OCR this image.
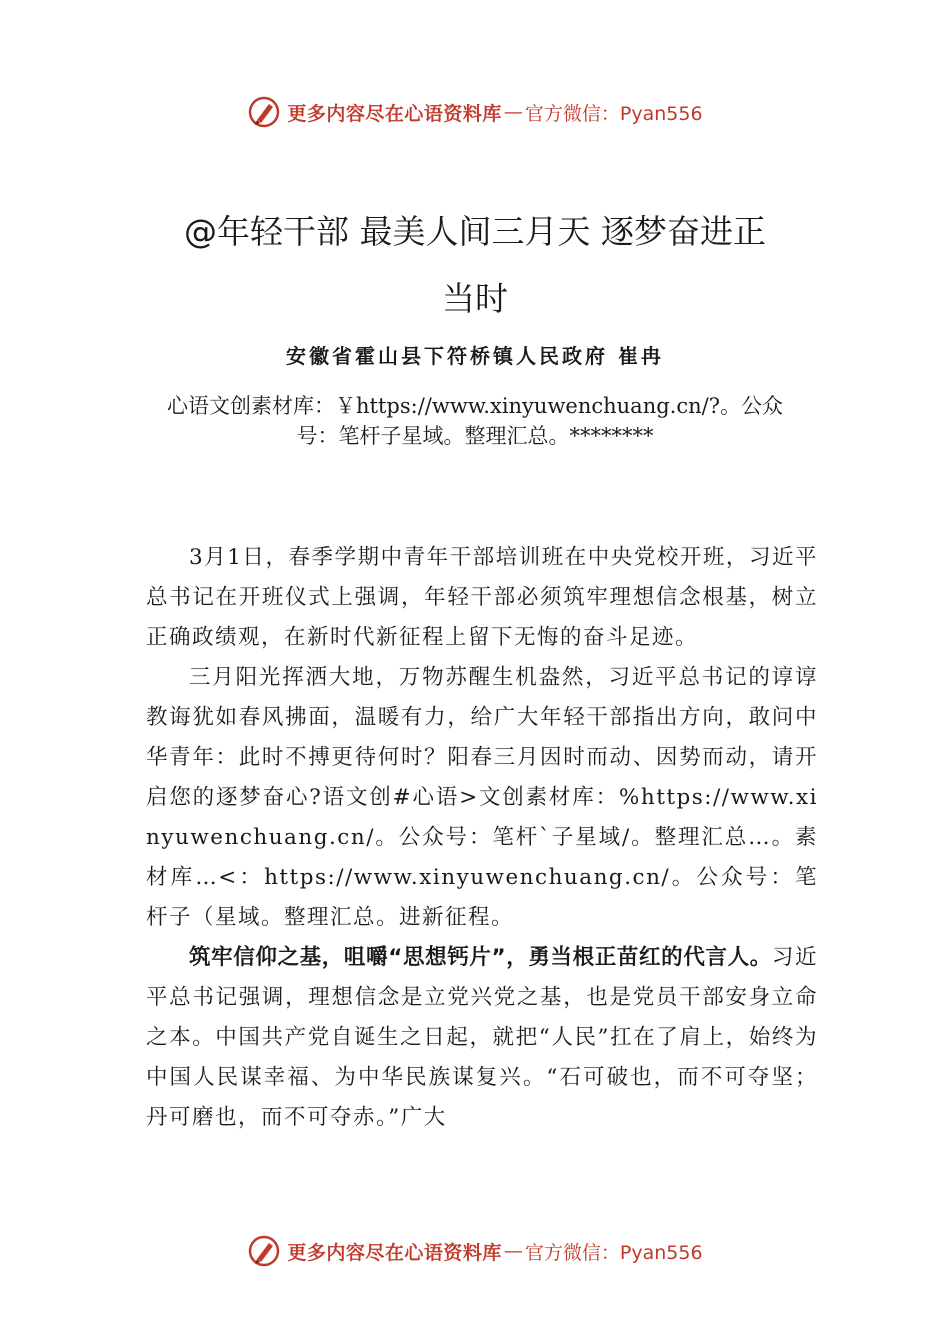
更多内容尽在心语资料库 — 官方微信：Pyan556
@年轻干部 最美人间三月天 逐梦奋进正
当时
安徽省霍山县下符桥镇人民政府 崔冉

心语文创素材库：￥https://www.xinyuwenchuang.cn/?。公众号：笔杆子星域。整理汇总。********

3月1日，春季学期中青年干部培训班在中央党校开班，习近平总书记在开班仪式上强调，年轻干部必须筑牢理想信念根基，树立正确政绩观，在新时代新征程上留下无悔的奋斗足迹。

三月阳光挥洒大地，万物苏醒生机盎然，习近平总书记的谆谆教诲犹如春风拂面，温暖有力，给广大年轻干部指出方向，敢问中华青年：此时不搏更待何时？阳春三月因时而动、因势而动，请开启您的逐梦奋心?语文创#心语>文创素材库：%https://www.xinyuwenchuang.cn/。公众号：笔杆`子星域/。整理汇总…。素材库…<：https://www.xinyuwenchuang.cn/。公众号：笔杆子（星域。整理汇总。进新征程。

筑牢信仰之基，咀嚼“思想钙片”，勇当根正苗红的代言人。习近平总书记强调，理想信念是立党兴党之基，也是党员干部安身立命之本。中国共产党自诞生之日起，就把“人民”扛在了肩上，始终为中国人民谋幸福、为中华民族谋复兴。“石可破也，而不可夺坚；丹可磨也，而不可夺赤。”广大

更多内容尽在心语资料库 — 官方微信：Pyan556
